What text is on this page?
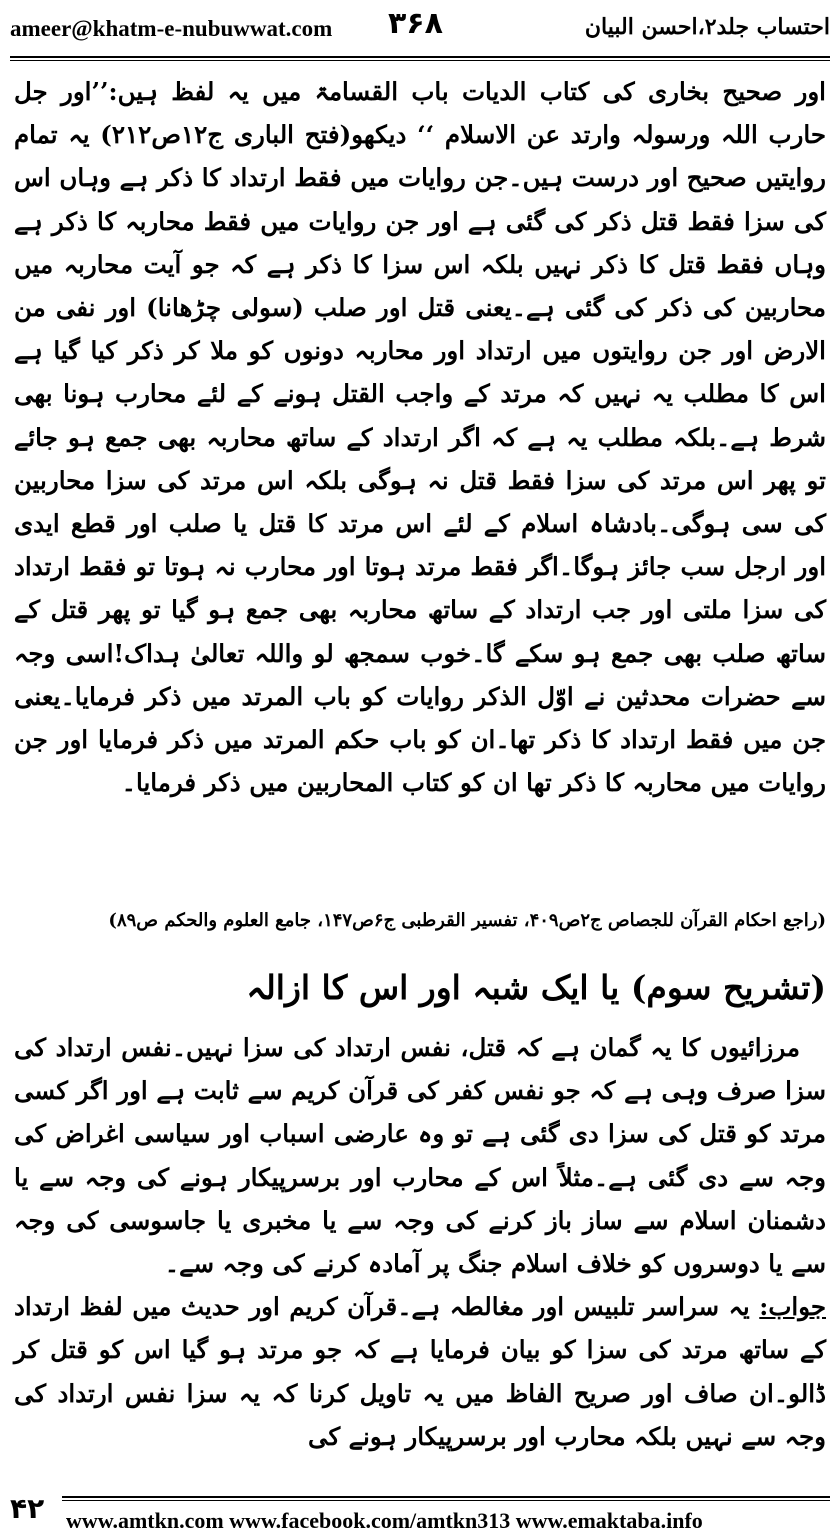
ameer@khatm-e-nubuwwat.com ۳۶۸	احتساب جلد۲،احسن البیان

اور صحیح بخاری کی کتاب الدیات باب القسامۃ میں یہ لفظ ہیں:’’اور جل حارب اللہ ورسولہ وارتد عن الاسلام ‘‘ دیکھو(فتح الباری ج۱۲ص۲۱۲) یہ تمام روایتیں صحیح اور درست ہیں۔جن روایات میں فقط ارتداد کا ذکر ہے وہاں اس کی سزا فقط قتل ذکر کی گئی ہے اور جن روایات میں فقط محاربہ کا ذکر ہے وہاں فقط قتل کا ذکر نہیں بلکہ اس سزا کا ذکر ہے کہ جو آیت محاربہ میں محاربین کی ذکر کی گئی ہے۔یعنی قتل اور صلب (سولی چڑھانا) اور نفی من الارض اور جن روایتوں میں ارتداد اور محاربہ دونوں کو ملا کر ذکر کیا گیا ہے اس کا مطلب یہ نہیں کہ مرتد کے واجب القتل ہونے کے لئے محارب ہونا بھی شرط ہے۔بلکہ مطلب یہ ہے کہ اگر ارتداد کے ساتھ محاربہ بھی جمع ہو جائے تو پھر اس مرتد کی سزا فقط قتل نہ ہوگی بلکہ اس مرتد کی سزا محاربین کی سی ہوگی۔بادشاہ اسلام کے لئے اس مرتد کا قتل یا صلب اور قطع ایدی اور ارجل سب جائز ہوگا۔اگر فقط مرتد ہوتا اور محارب نہ ہوتا تو فقط ارتداد کی سزا ملتی اور جب ارتداد کے ساتھ محاربہ بھی جمع ہو گیا تو پھر قتل کے ساتھ صلب بھی جمع ہو سکے گا۔خوب سمجھ لو واللہ تعالیٰ ہداک!اسی وجہ سے حضرات محدثین نے اوّل الذکر روایات کو باب المرتد میں ذکر فرمایا۔یعنی جن میں فقط ارتداد کا ذکر تھا۔ان کو باب حکم المرتد میں ذکر فرمایا اور جن روایات میں محاربہ کا ذکر تھا ان کو کتاب المحاربین میں ذکر فرمایا۔

(راجع احکام القرآن للجصاص ج۲ص۴۰۹، تفسیر القرطبی ج۶ص۱۴۷، جامع العلوم والحکم ص۸۹)
(تشریح سوم) یا ایک شبہ اور اس کا ازالہ

مرزائیوں کا یہ گمان ہے کہ قتل، نفس ارتداد کی سزا نہیں۔نفس ارتداد کی سزا صرف وہی ہے کہ جو نفس کفر کی قرآن کریم سے ثابت ہے اور اگر کسی مرتد کو قتل کی سزا دی گئی ہے تو وہ عارضی اسباب اور سیاسی اغراض کی وجہ سے دی گئی ہے۔مثلاً اس کے محارب اور برسرپیکار ہونے کی وجہ سے یا دشمنان اسلام سے ساز باز کرنے کی وجہ سے یا مخبری یا جاسوسی کی وجہ سے یا دوسروں کو خلاف اسلام جنگ پر آمادہ کرنے کی وجہ سے۔

جواب: یہ سراسر تلبیس اور مغالطہ ہے۔قرآن کریم اور حدیث میں لفظ ارتداد کے ساتھ مرتد کی سزا کو بیان فرمایا ہے کہ جو مرتد ہو گیا اس کو قتل کر ڈالو۔ان صاف اور صریح الفاظ میں یہ تاویل کرنا کہ یہ سزا نفس ارتداد کی وجہ سے نہیں بلکہ محارب اور برسرپیکار ہونے کی

۴۲ www.amtkn.com www.facebook.com/amtkn313 www.emaktaba.info
